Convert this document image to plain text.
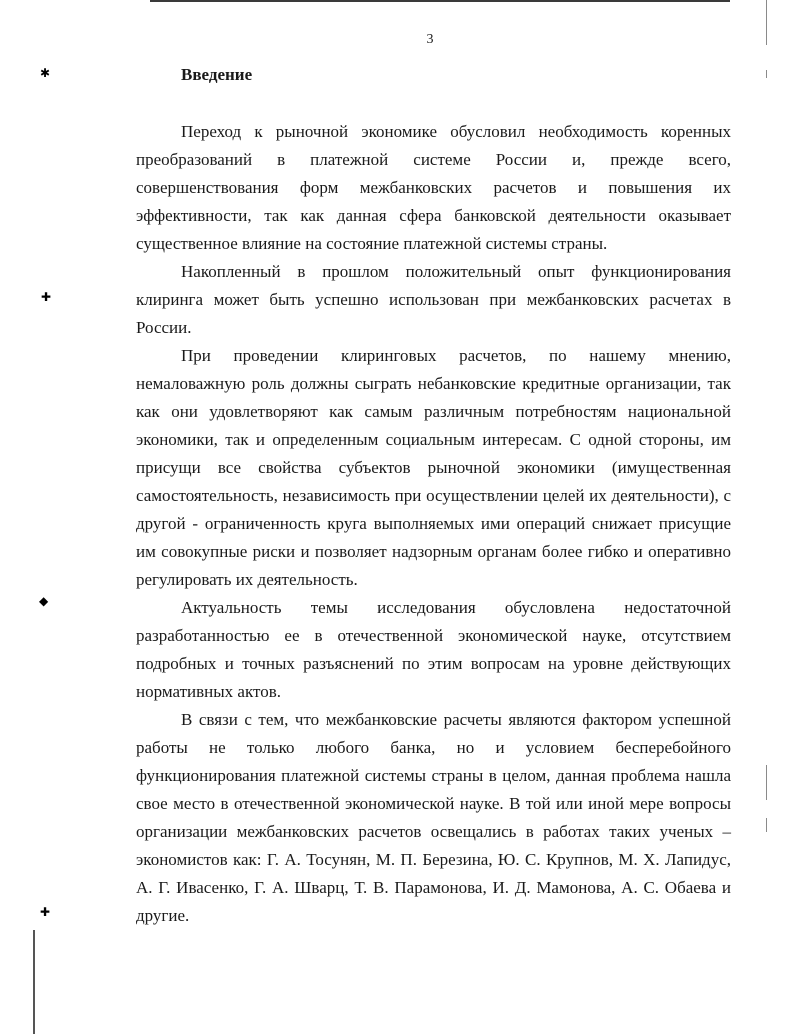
✱
✚
◆
✚
3
Введение

Переход к рыночной экономике обусловил необходимость коренных преобразований в платежной системе России и, прежде всего, совершенствования форм межбанковских расчетов и повышения их эффективности, так как данная сфера банковской деятельности оказывает существенное влияние на состояние платежной системы страны.

Накопленный в прошлом положительный опыт функционирования клиринга может быть успешно использован при межбанковских расчетах в России.

При проведении клиринговых расчетов, по нашему мнению, немаловажную роль должны сыграть небанковские кредитные организации, так как они удовлетворяют как самым различным потребностям национальной экономики, так и определенным социальным интересам. С одной стороны, им присущи все свойства субъектов рыночной экономики (имущественная самостоятельность, независимость при осуществлении целей их деятельности), с другой - ограниченность круга выполняемых ими операций снижает присущие им совокупные риски и позволяет надзорным органам более гибко и оперативно регулировать их деятельность.

Актуальность темы исследования обусловлена недостаточной разработанностью ее в отечественной экономической науке, отсутствием подробных и точных разъяснений по этим вопросам на уровне действующих нормативных актов.

В связи с тем, что межбанковские расчеты являются фактором успешной работы не только любого банка, но и условием бесперебойного функционирования платежной системы страны в целом, данная проблема нашла свое место в отечественной экономической науке. В той или иной мере вопросы организации межбанковских расчетов освещались в работах таких ученых – экономистов как: Г. А. Тосунян, М. П. Березина, Ю. С. Крупнов, М. Х. Лапидус, А. Г. Ивасенко, Г. А. Шварц, Т. В. Парамонова, И. Д. Мамонова, А. С. Обаева и другие.
